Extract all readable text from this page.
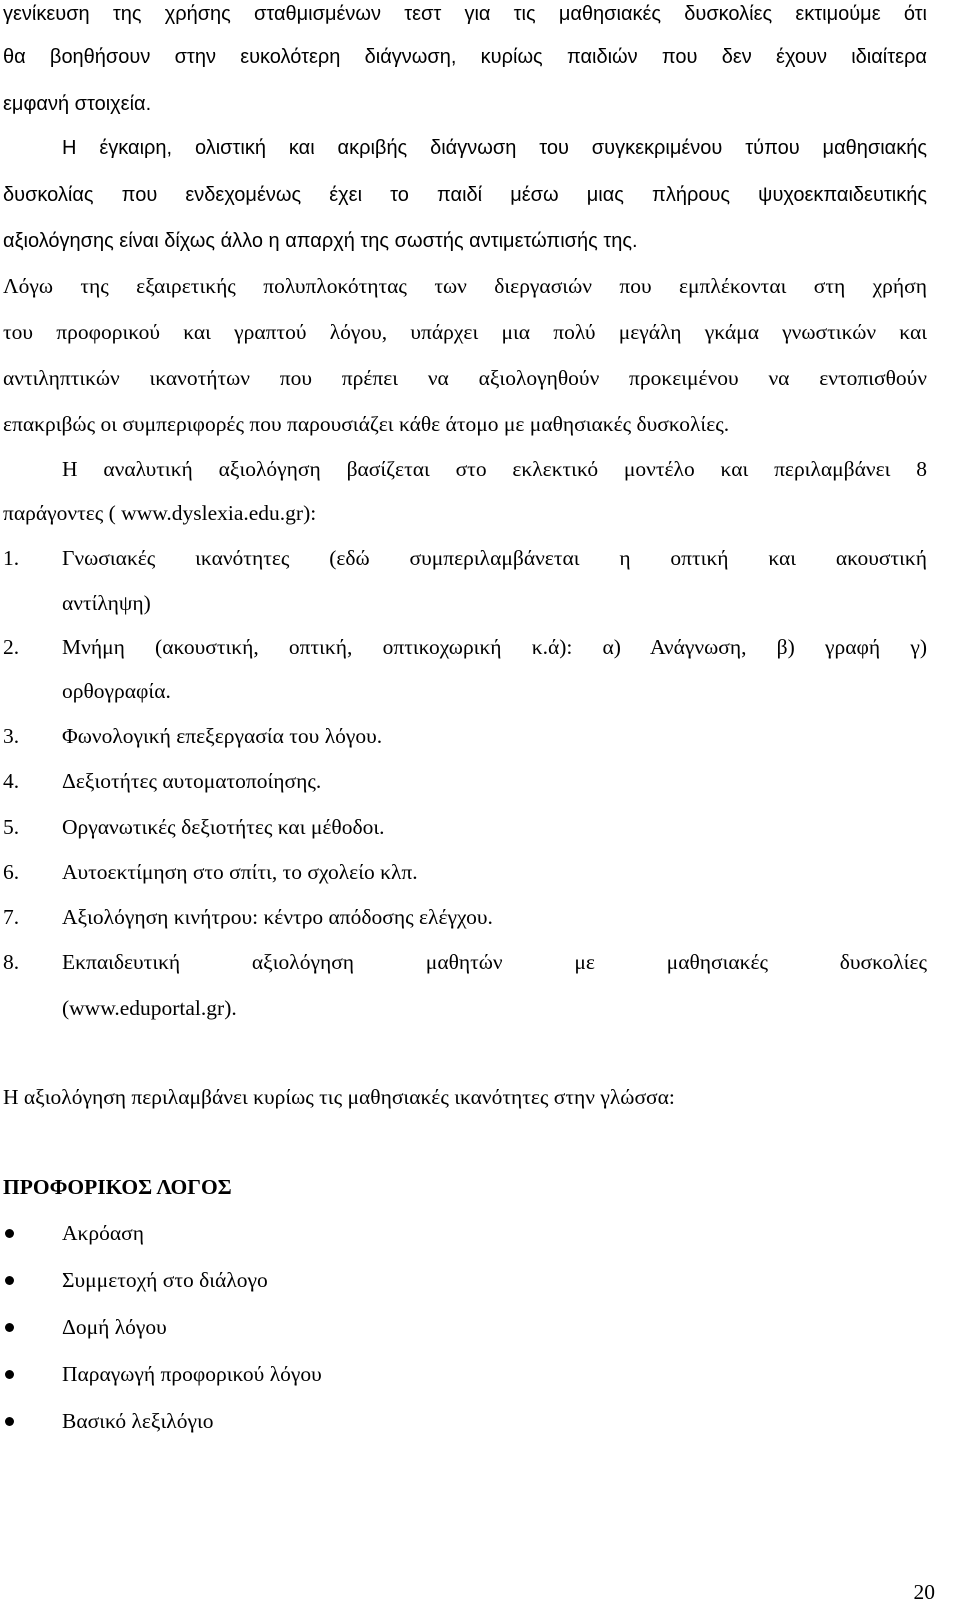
γενίκευση της χρήσης σταθμισμένων τεστ για τις μαθησιακές δυσκολίες εκτιμούμε ότι
θα βοηθήσουν στην ευκολότερη διάγνωση, κυρίως παιδιών που δεν έχουν ιδιαίτερα
εμφανή στοιχεία.
Η έγκαιρη, ολιστική και ακριβής διάγνωση του συγκεκριμένου τύπου μαθησιακής
δυσκολίας που ενδεχομένως έχει το παιδί μέσω μιας πλήρους ψυχοεκπαιδευτικής
αξιολόγησης είναι δίχως άλλο η απαρχή της σωστής αντιμετώπισής της.
Λόγω της εξαιρετικής πολυπλοκότητας των διεργασιών που εμπλέκονται στη χρήση
του προφορικού και γραπτού λόγου, υπάρχει μια πολύ μεγάλη γκάμα γνωστικών και
αντιληπτικών ικανοτήτων που πρέπει να αξιολογηθούν προκειμένου να εντοπισθούν
επακριβώς οι συμπεριφορές που παρουσιάζει κάθε άτομο με μαθησιακές δυσκολίες.
Η αναλυτική αξιολόγηση βασίζεται στο εκλεκτικό μοντέλο και περιλαμβάνει 8
παράγοντες ( www.dyslexia.edu.gr):
1. Γνωσιακές ικανότητες (εδώ συμπεριλαμβάνεται η οπτική και ακουστική
αντίληψη)
2. Μνήμη (ακουστική, οπτική, οπτικοχωρική κ.ά): α) Ανάγνωση, β) γραφή γ)
ορθογραφία.
3. Φωνολογική επεξεργασία του λόγου.
4. Δεξιοτήτες αυτοματοποίησης.
5. Οργανωτικές δεξιοτήτες και μέθοδοι.
6. Αυτοεκτίμηση στο σπίτι, το σχολείο κλπ.
7. Αξιολόγηση κινήτρου: κέντρο απόδοσης ελέγχου.
8. Εκπαιδευτική αξιολόγηση μαθητών με μαθησιακές δυσκολίες
(www.eduportal.gr).
Η αξιολόγηση περιλαμβάνει κυρίως τις μαθησιακές ικανότητες στην γλώσσα:
ΠΡΟΦΟΡΙΚΟΣ ΛΟΓΟΣ
Ακρόαση
Συμμετοχή στο διάλογο
Δομή λόγου
Παραγωγή προφορικού λόγου
Βασικό λεξιλόγιο
20
